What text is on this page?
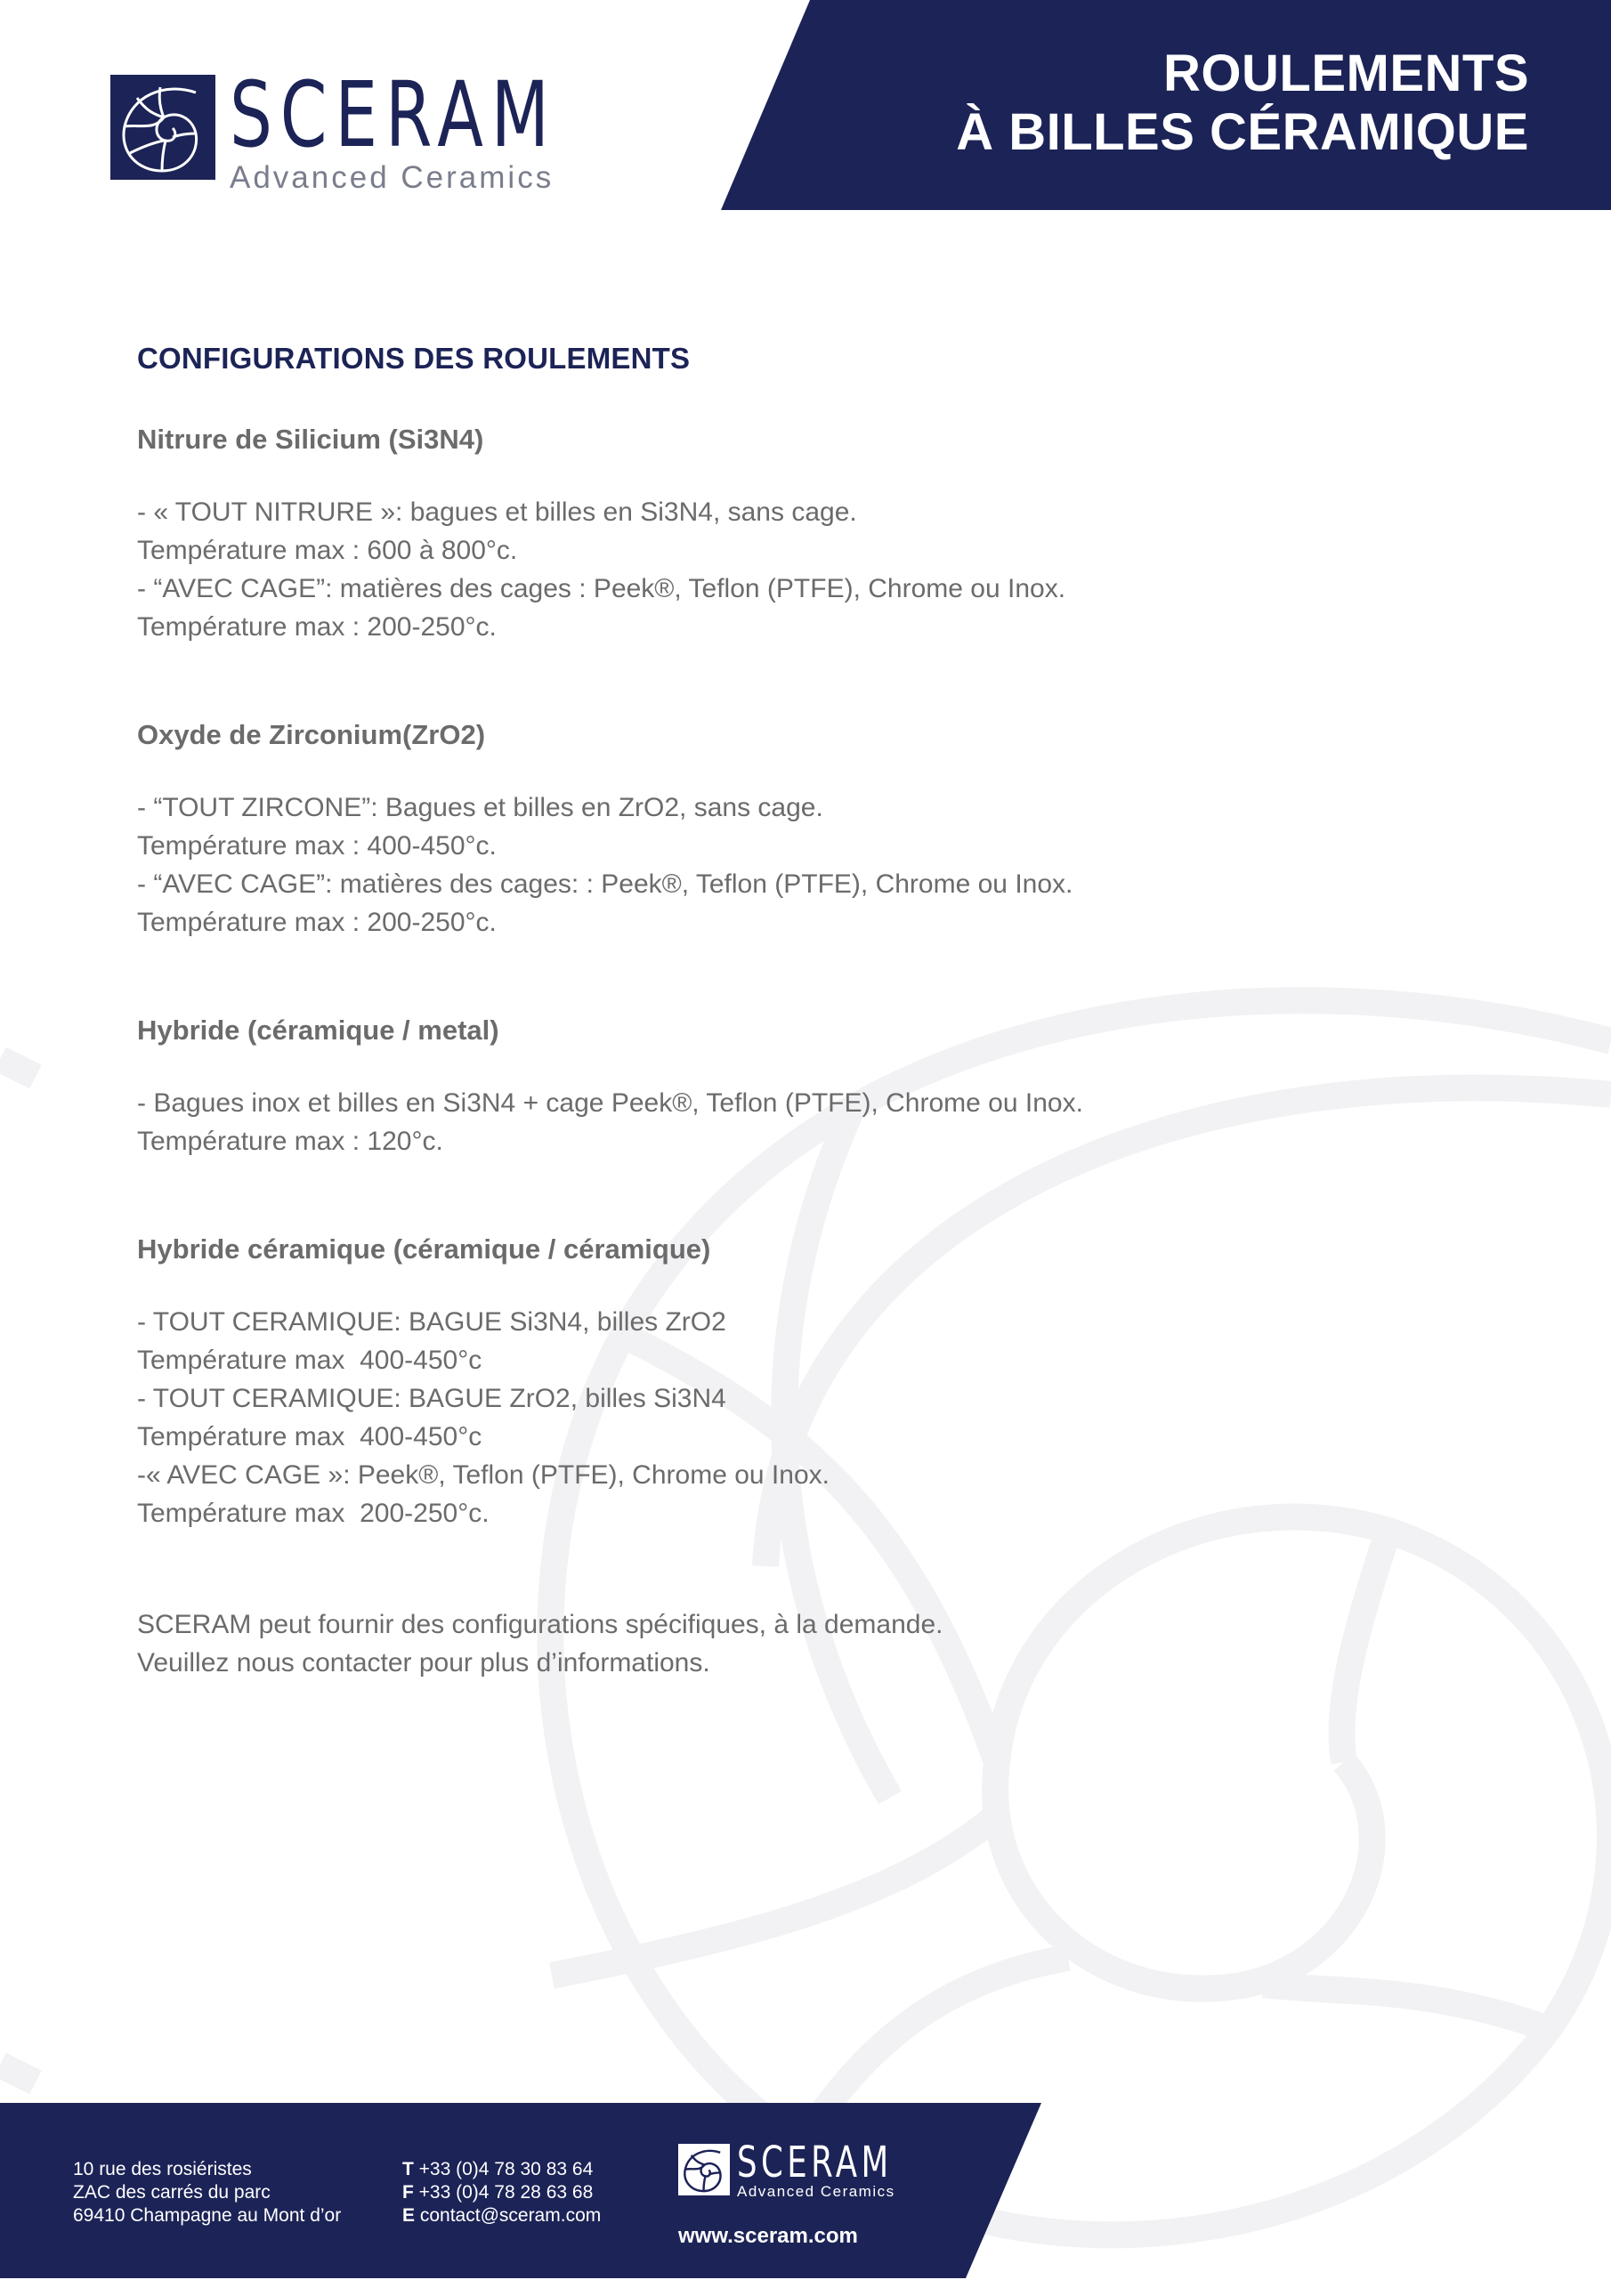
ROULEMENTS
À BILLES CÉRAMIQUE
SCERAM
Advanced Ceramics
CONFIGURATIONS DES ROULEMENTS
Nitrure de Silicium (Si3N4)
- « TOUT NITRURE »: bagues et billes en Si3N4, sans cage.
Température max : 600 à 800°c.
- “AVEC CAGE”: matières des cages : Peek®, Teflon (PTFE), Chrome ou Inox.
Température max : 200-250°c.
Oxyde de Zirconium(ZrO2)
- “TOUT ZIRCONE”: Bagues et billes en ZrO2, sans cage.
Température max : 400-450°c.
- “AVEC CAGE”: matières des cages: : Peek®, Teflon (PTFE), Chrome ou Inox.
Température max : 200-250°c.
Hybride (céramique / metal)
- Bagues inox et billes en Si3N4 + cage Peek®, Teflon (PTFE), Chrome ou Inox.
Température max : 120°c.
Hybride céramique (céramique / céramique)
- TOUT CERAMIQUE: BAGUE Si3N4, billes ZrO2
Température max  400-450°c
- TOUT CERAMIQUE: BAGUE ZrO2, billes Si3N4
Température max  400-450°c
-« AVEC CAGE »: Peek®, Teflon (PTFE), Chrome ou Inox.
Température max  200-250°c.
SCERAM peut fournir des configurations spécifiques, à la demande.
Veuillez nous contacter pour plus d’informations.
10 rue des rosiéristes
ZAC des carrés du parc
69410 Champagne au Mont d’or
T +33 (0)4 78 30 83 64
F +33 (0)4 78 28 63 68
E contact@sceram.com
SCERAM
Advanced Ceramics
www.sceram.com
